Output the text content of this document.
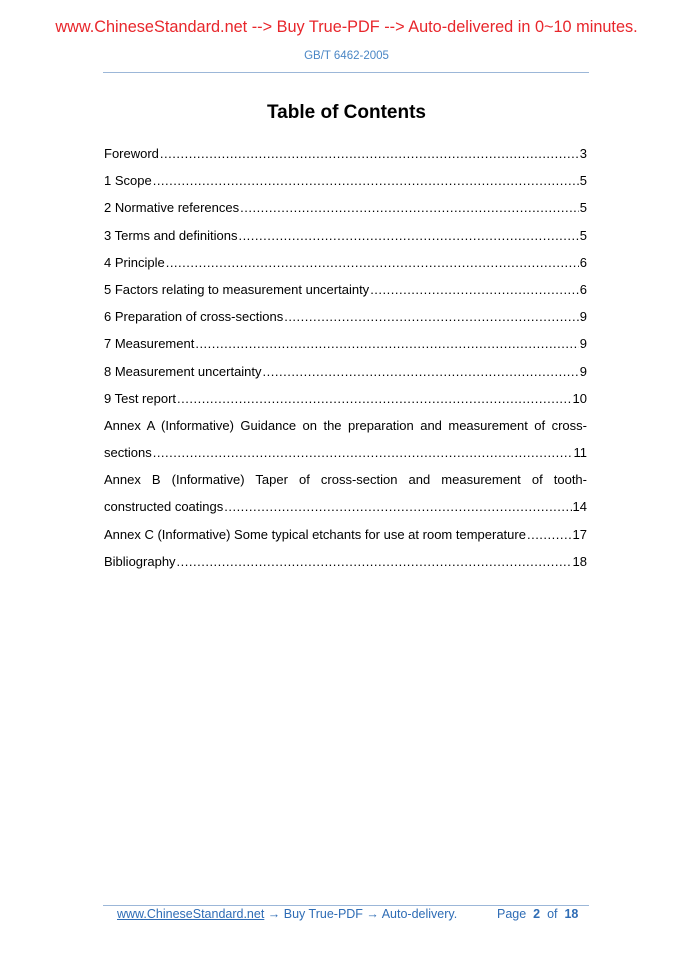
www.ChineseStandard.net --> Buy True-PDF --> Auto-delivered in 0~10 minutes.
GB/T 6462-2005
Table of Contents
Foreword .....	3
1 Scope .....	5
2 Normative references .....	5
3 Terms and definitions .....	5
4 Principle .....	6
5 Factors relating to measurement uncertainty .....	6
6 Preparation of cross-sections .....	9
7 Measurement .....	9
8 Measurement uncertainty .....	9
9 Test report .....	10
Annex A (Informative) Guidance on the preparation and measurement of cross-
sections .....	11
Annex B (Informative) Taper of cross-section and measurement of tooth-
constructed coatings .....	14
Annex C (Informative) Some typical etchants for use at room temperature .....	17
Bibliography .....	18
www.ChineseStandard.net → Buy True-PDF → Auto-delivery.	Page 2 of 18
